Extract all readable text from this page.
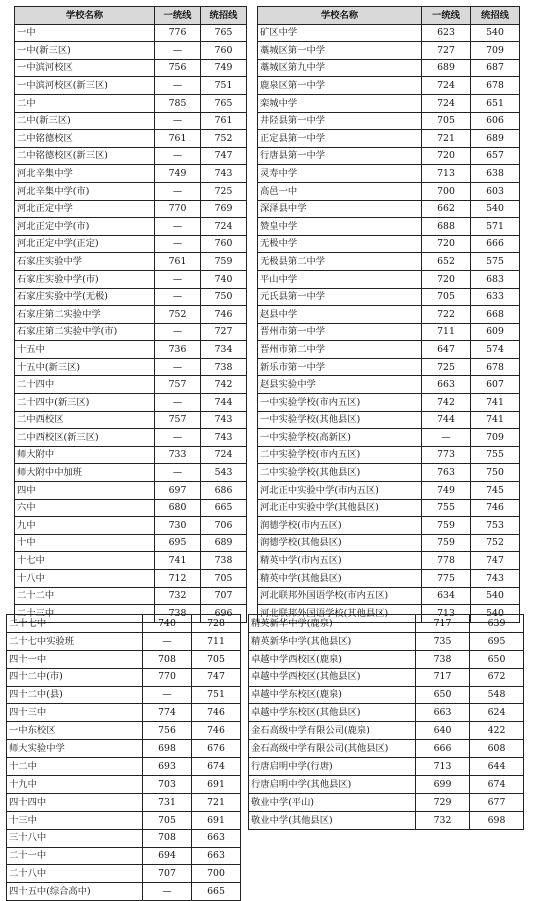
学校名称	一统线	统招线
一中	776	765
一中(新三区)	—	760
一中滨河校区	756	749
一中滨河校区(新三区)	—	751
二中	785	765
二中(新三区)	—	761
二中铭德校区	761	752
二中铭德校区(新三区)	—	747
河北辛集中学	749	743
河北辛集中学(市)	—	725
河北正定中学	770	769
河北正定中学(市)	—	724
河北正定中学(正定)	—	760
石家庄实验中学	761	759
石家庄实验中学(市)	—	740
石家庄实验中学(无极)	—	750
石家庄第二实验中学	752	746
石家庄第二实验中学(市)	—	727
十五中	736	734
十五中(新三区)	—	738
二十四中	757	742
二十四中(新三区)	—	744
二中西校区	757	743
二中西校区(新三区)	—	743
师大附中	733	724
师大附中中加班	—	543
四中	697	686
六中	680	665
九中	730	706
十中	695	689
十七中	741	738
十八中	712	705
二十二中	732	707
二十三中	738	696
学校名称	一统线	统招线
矿区中学	623	540
藁城区第一中学	727	709
藁城区第九中学	689	687
鹿泉区第一中学	724	678
栾城中学	724	651
井陉县第一中学	705	606
正定县第一中学	721	689
行唐县第一中学	720	657
灵寿中学	713	638
高邑一中	700	603
深泽县中学	662	540
赞皇中学	688	571
无极中学	720	666
无极县第二中学	652	575
平山中学	720	683
元氏县第一中学	705	633
赵县中学	722	668
晋州市第一中学	711	609
晋州市第二中学	647	574
新乐市第一中学	725	678
赵县实验中学	663	607
一中实验学校(市内五区)	742	741
一中实验学校(其他县区)	744	741
一中实验学校(高新区)	—	709
二中实验学校(市内五区)	773	755
二中实验学校(其他县区)	763	750
河北正中实验中学(市内五区)	749	745
河北正中实验中学(其他县区)	755	746
润德学校(市内五区)	759	753
润德学校(其他县区)	759	752
精英中学(市内五区)	778	747
精英中学(其他县区)	775	743
河北联邦外国语学校(市内五区)	634	540
河北联邦外国语学校(其他县区)	713	540
二十七中	740	728
二十七中实验班	—	711
四十一中	708	705
四十二中(市)	770	747
四十二中(县)	—	751
四十三中	774	746
一中东校区	756	746
师大实验中学	698	676
十二中	693	674
十九中	703	691
四十四中	731	721
十三中	705	691
三十八中	708	663
二十一中	694	663
二十八中	707	700
四十五中(综合高中)	—	665
精英新华中学(鹿泉)	717	639
精英新华中学(其他县区)	735	695
卓越中学西校区(鹿泉)	738	650
卓越中学西校区(其他县区)	717	672
卓越中学东校区(鹿泉)	650	548
卓越中学东校区(其他县区)	663	624
金石高级中学有限公司(鹿泉)	640	422
金石高级中学有限公司(其他县区)	666	608
行唐启明中学(行唐)	713	644
行唐启明中学(其他县区)	699	674
敬业中学(平山)	729	677
敬业中学(其他县区)	732	698
